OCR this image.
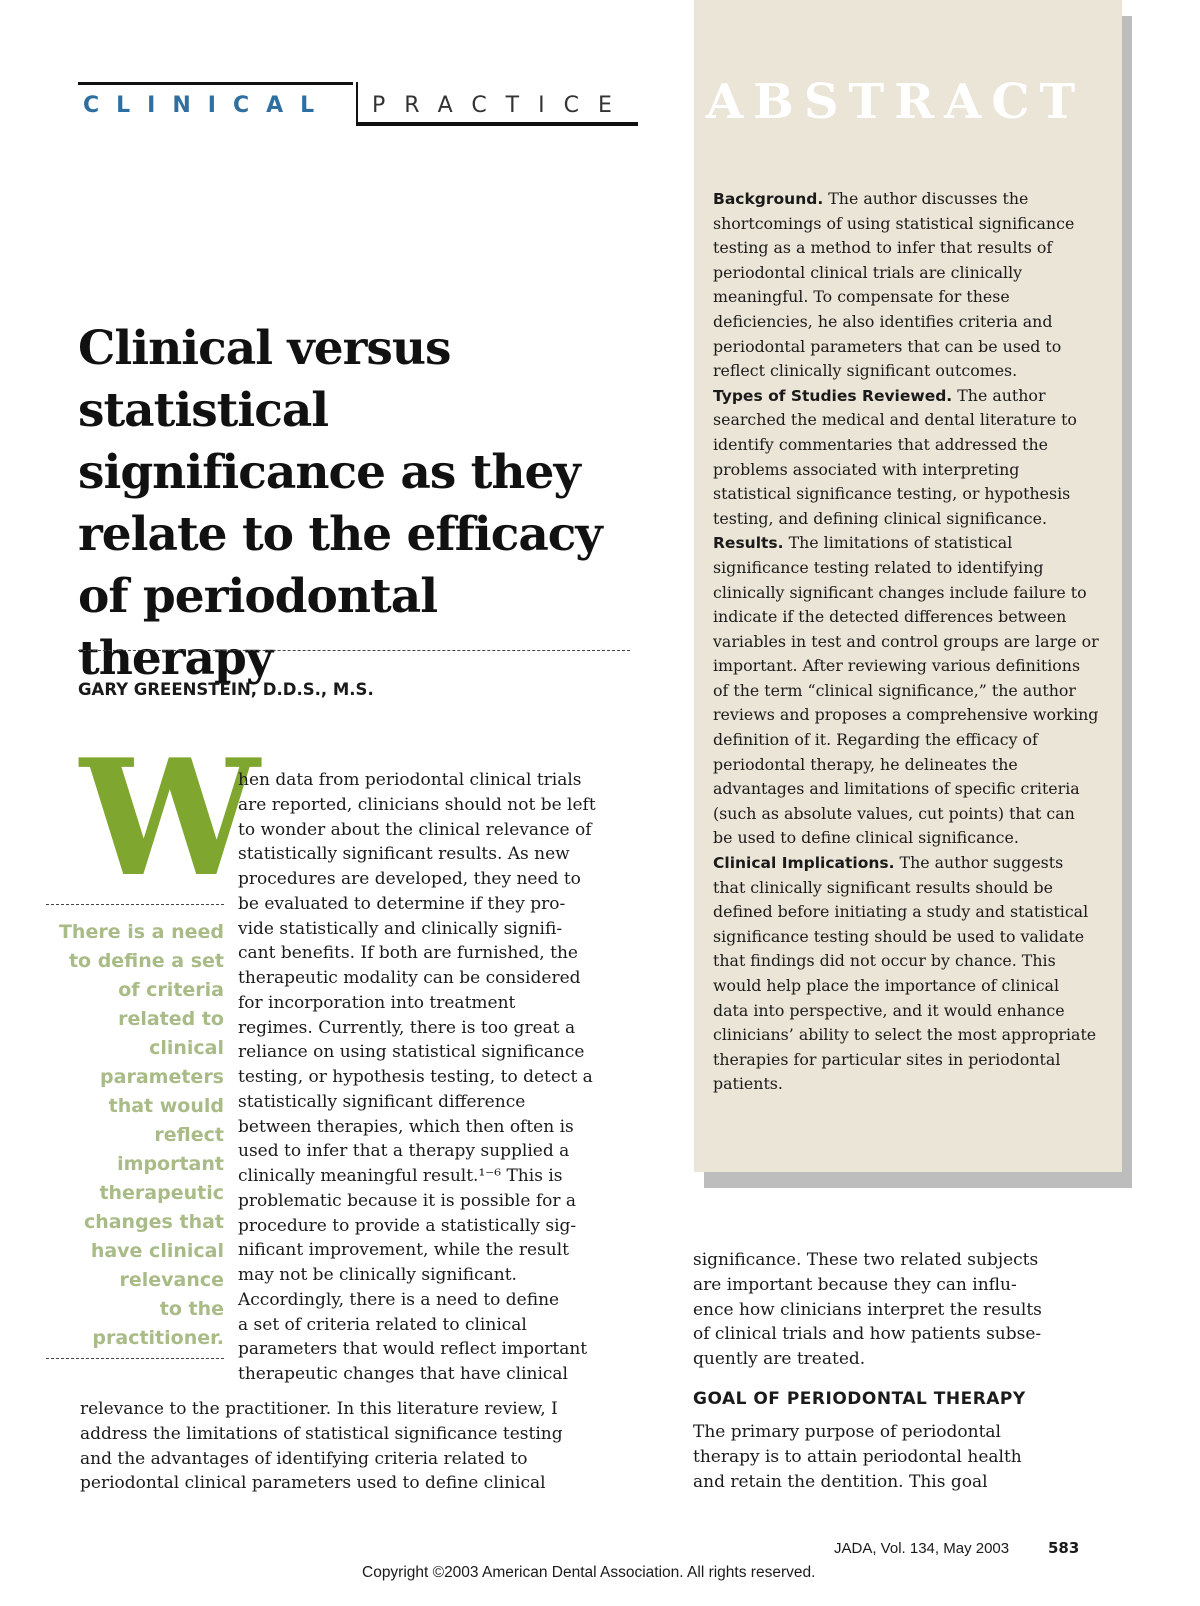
CLINICAL PRACTICE ABSTRACT

Background. The author discusses the shortcomings of using statistical significance testing as a method to infer that results of periodontal clinical trials are clinically meaningful. To compensate for these deficiencies, he also identifies criteria and periodontal parameters that can be used to reflect clinically significant outcomes.

Types of Studies Reviewed. The author searched the medical and dental literature to identify commentaries that addressed the problems associated with interpreting statistical significance testing, or hypothesis testing, and defining clinical significance.

Results. The limitations of statistical significance testing related to identifying clinically significant changes include failure to indicate if the detected differences between variables in test and control groups are large or important. After reviewing various definitions of the term “clinical significance,” the author reviews and proposes a comprehensive working definition of it. Regarding the efficacy of periodontal therapy, he delineates the advantages and limitations of specific criteria (such as absolute values, cut points) that can be used to define clinical significance.

Clinical Implications. The author suggests that clinically significant results should be defined before initiating a study and statistical significance testing should be used to validate that findings did not occur by chance. This would help place the importance of clinical data into perspective, and it would enhance clinicians’ ability to select the most appropriate therapies for particular sites in periodontal patients.

Clinical versus statistical significance as they relate to the efficacy of periodontal therapy
GARY GREENSTEIN, D.D.S., M.S.
W
There is a need
to define a set
of criteria
related to
clinical
parameters
that would
reflect
important
therapeutic
changes that
have clinical
relevance
to the
practitioner.
hen data from periodontal clinical trials
are reported, clinicians should not be left
to wonder about the clinical relevance of
statistically significant results. As new
procedures are developed, they need to
be evaluated to determine if they pro-
vide statistically and clinically signifi-
cant benefits. If both are furnished, the
therapeutic modality can be considered
for incorporation into treatment
regimes. Currently, there is too great a
reliance on using statistical significance
testing, or hypothesis testing, to detect a
statistically significant difference
between therapies, which then often is
used to infer that a therapy supplied a
clinically meaningful result.¹⁻⁶ This is
problematic because it is possible for a
procedure to provide a statistically sig-
nificant improvement, while the result
may not be clinically significant.
Accordingly, there is a need to define
a set of criteria related to clinical
parameters that would reflect important
therapeutic changes that have clinical
relevance to the practitioner. In this literature review, I
address the limitations of statistical significance testing
and the advantages of identifying criteria related to
periodontal clinical parameters used to define clinical
significance. These two related subjects
are important because they can influ-
ence how clinicians interpret the results
of clinical trials and how patients subse-
quently are treated.
GOAL OF PERIODONTAL THERAPY
The primary purpose of periodontal
therapy is to attain periodontal health
and retain the dentition. This goal
JADA, Vol. 134, May 2003	583
Copyright ©2003 American Dental Association. All rights reserved.
